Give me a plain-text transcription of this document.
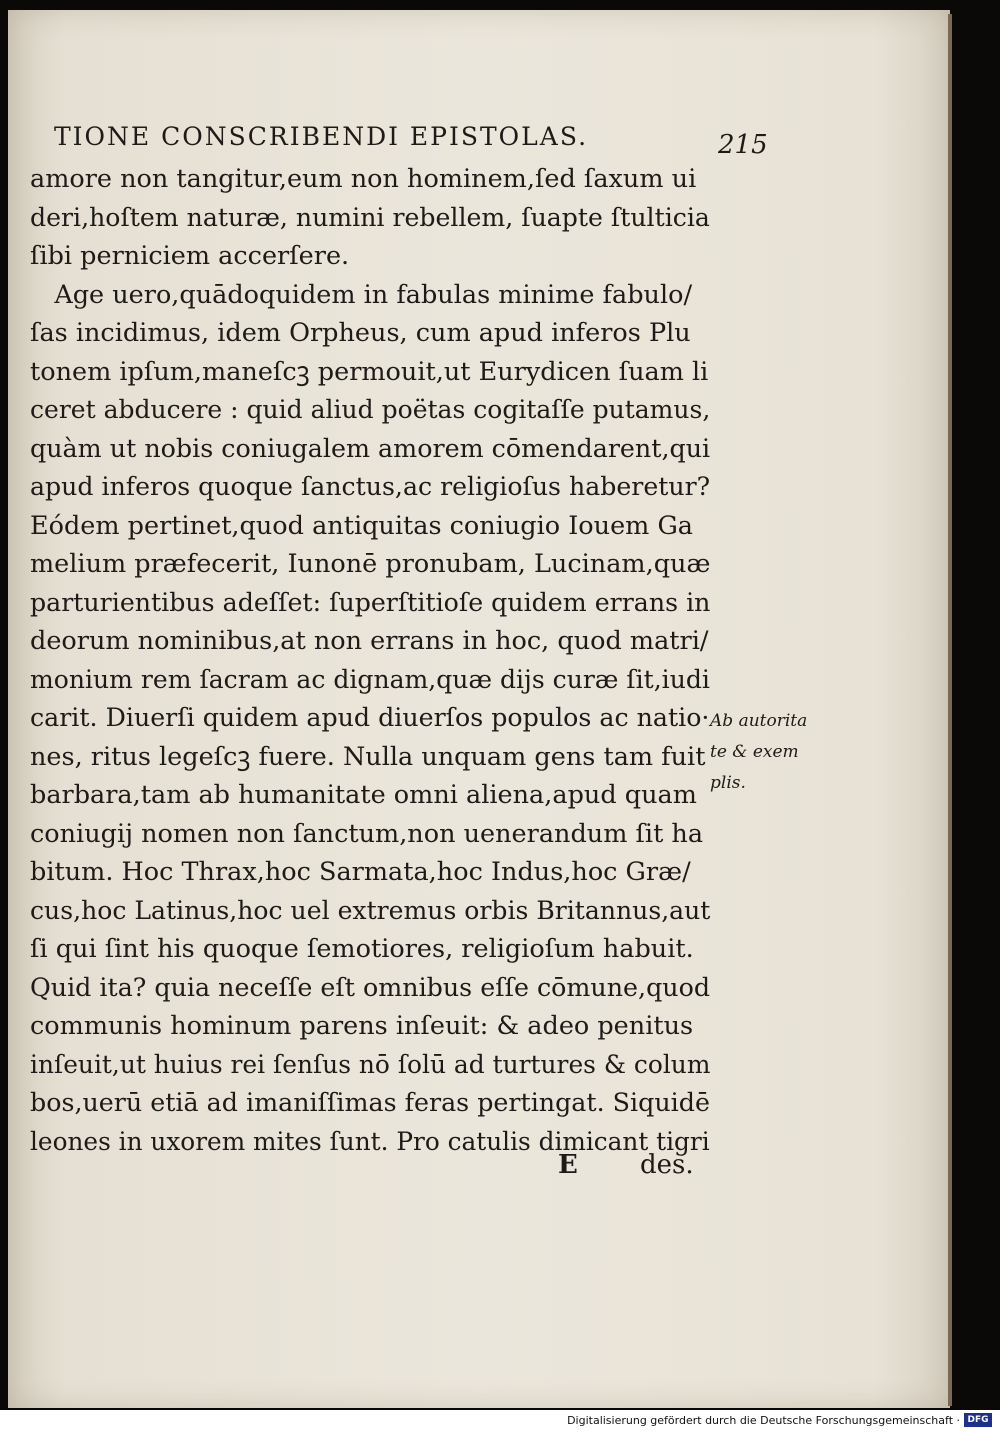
TIONE CONSCRIBENDI EPISTOLAS.	215
amore non tangitur,eum non hominem,ſed ſaxum ui
deri,hoſtem naturæ, numini rebellem, ſuapte ſtulticia
ſibi perniciem accerſere.
Age uero,quādoquidem in fabulas minime fabulo/
ſas incidimus, idem Orpheus, cum apud inferos Plu
tonem ipſum,maneſcꝫ permouit,ut Eurydicen ſuam li
ceret abducere : quid aliud poëtas cogitaſſe putamus,
quàm ut nobis coniugalem amorem cōmendarent,qui
apud inferos quoque ſanctus,ac religioſus haberetur?
Eódem pertinet,quod antiquitas coniugio Iouem Ga
melium præfecerit, Iunonē pronubam, Lucinam,quæ
parturientibus adeſſet: ſuperſtitioſe quidem errans in
deorum nominibus,at non errans in hoc, quod matri/
monium rem ſacram ac dignam,quæ dijs curæ ſit,iudi
carit. Diuerſi quidem apud diuerſos populos ac natio·
nes, ritus legeſcꝫ fuere. Nulla unquam gens tam fuit
barbara,tam ab humanitate omni aliena,apud quam
coniugij nomen non ſanctum,non uenerandum ſit ha
bitum. Hoc Thrax,hoc Sarmata,hoc Indus,hoc Græ/
cus,hoc Latinus,hoc uel extremus orbis Britannus,aut
ſi qui ſint his quoque ſemotiores, religioſum habuit.
Quid ita? quia neceſſe eſt omnibus eſſe cōmune,quod
communis hominum parens inſeuit: & adeo penitus
inſeuit,ut huius rei ſenſus nō ſolū ad turtures & colum
bos,uerū etiā ad imaniſſimas feras pertingat. Siquidē
leones in uxorem mites ſunt. Pro catulis dimicant tigri
Ab autorita
te & exem
plis.
E des.
Digitalisierung gefördert durch die Deutsche Forschungsgemeinschaft · DFG
